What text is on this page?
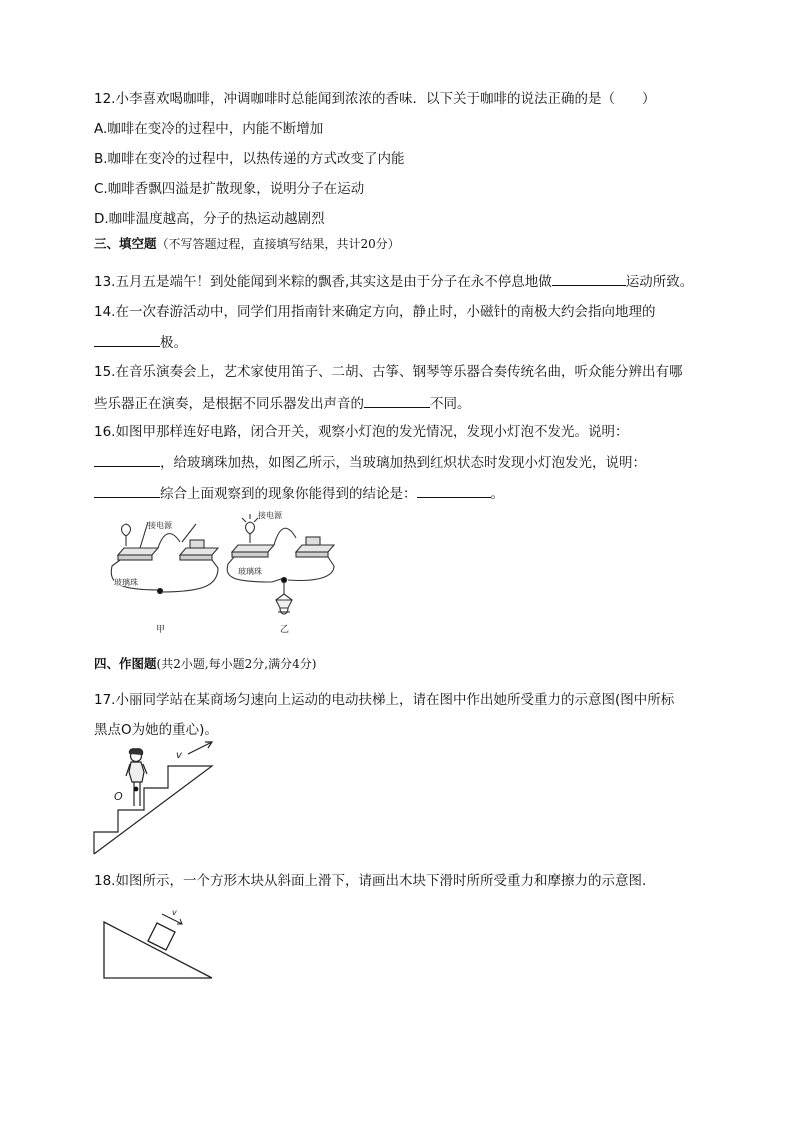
12.小李喜欢喝咖啡，冲调咖啡时总能闻到浓浓的香味．以下关于咖啡的说法正确的是（　　）
A.咖啡在变冷的过程中，内能不断增加
B.咖啡在变冷的过程中，以热传递的方式改变了内能
C.咖啡香飘四溢是扩散现象，说明分子在运动
D.咖啡温度越高，分子的热运动越剧烈
三、填空题（不写答题过程，直接填写结果，共计20分）
13.五月五是端午！到处能闻到米粽的飘香,其实这是由于分子在永不停息地做	运动所致。
14.在一次春游活动中，同学们用指南针来确定方向，静止时，小磁针的南极大约会指向地理的
极。
15.在音乐演奏会上，艺术家使用笛子、二胡、古筝、钢琴等乐器合奏传统名曲，听众能分辨出有哪
些乐器正在演奏，是根据不同乐器发出声音的	不同。
16.如图甲那样连好电路，闭合开关，观察小灯泡的发光情况，发现小灯泡不发光。说明：
，给玻璃珠加热，如图乙所示，当玻璃加热到红炽状态时发现小灯泡发光，说明：
综合上面观察到的现象你能得到的结论是：	。
接电源
玻璃珠
接电源
玻璃珠
甲	乙
四、作图题(共2小题,每小题2分,满分4分)
17.小丽同学站在某商场匀速向上运动的电动扶梯上，请在图中作出她所受重力的示意图(图中所标
黑点O为她的重心)。
v
O
18.如图所示，一个方形木块从斜面上滑下，请画出木块下滑时所所受重力和摩擦力的示意图．
v
